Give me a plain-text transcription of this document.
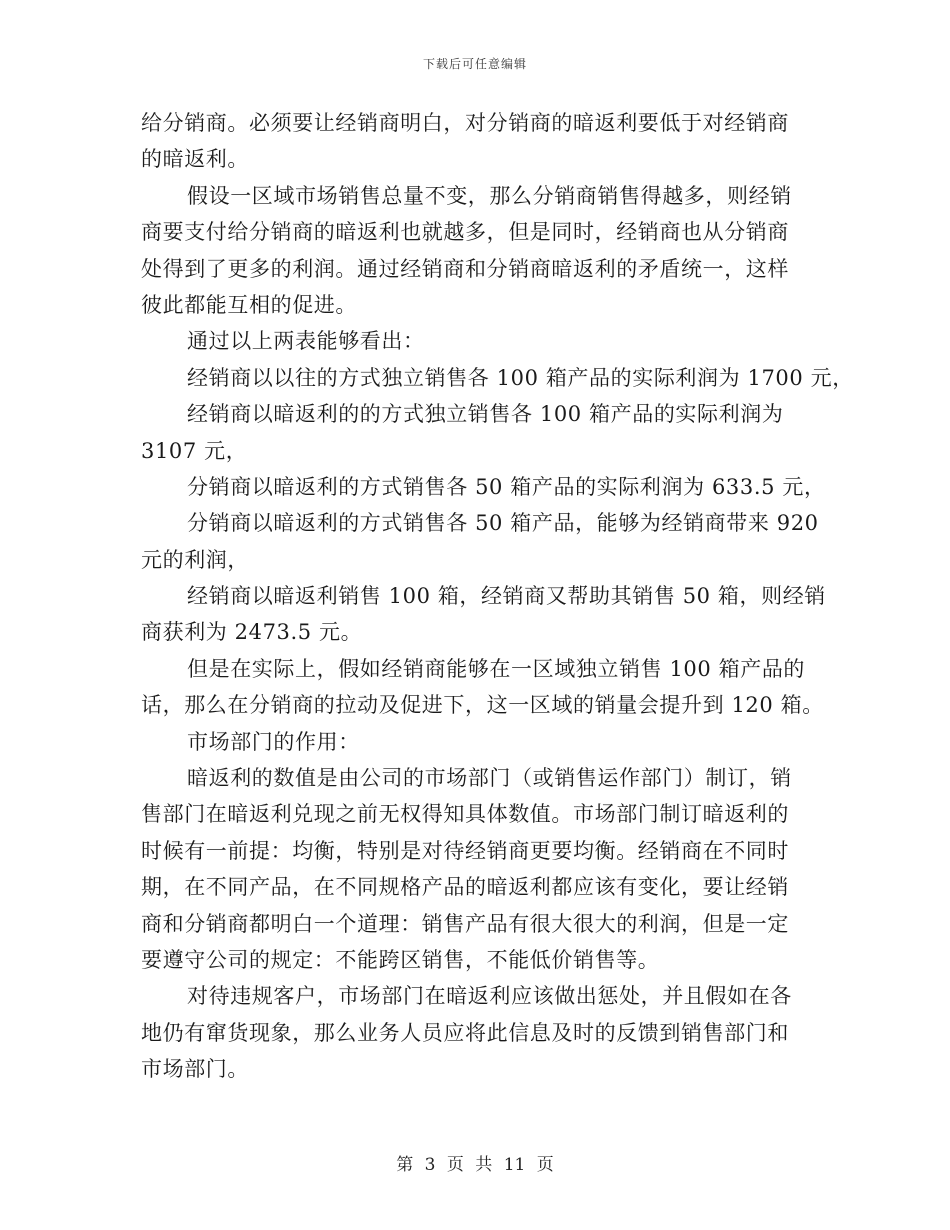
下载后可任意编辑
给分销商。必须要让经销商明白，对分销商的暗返利要低于对经销商
的暗返利。
假设一区域市场销售总量不变，那么分销商销售得越多，则经销
商要支付给分销商的暗返利也就越多，但是同时，经销商也从分销商
处得到了更多的利润。通过经销商和分销商暗返利的矛盾统一，这样
彼此都能互相的促进。
通过以上两表能够看出：
经销商以以往的方式独立销售各 100 箱产品的实际利润为 1700 元，
经销商以暗返利的的方式独立销售各 100 箱产品的实际利润为
3107 元，
分销商以暗返利的方式销售各 50 箱产品的实际利润为 633.5 元，
分销商以暗返利的方式销售各 50 箱产品，能够为经销商带来 920
元的利润，
经销商以暗返利销售 100 箱，经销商又帮助其销售 50 箱，则经销
商获利为 2473.5 元。
但是在实际上，假如经销商能够在一区域独立销售 100 箱产品的
话，那么在分销商的拉动及促进下，这一区域的销量会提升到 120 箱。
市场部门的作用：
暗返利的数值是由公司的市场部门（或销售运作部门）制订，销
售部门在暗返利兑现之前无权得知具体数值。市场部门制订暗返利的
时候有一前提：均衡，特别是对待经销商更要均衡。经销商在不同时
期，在不同产品，在不同规格产品的暗返利都应该有变化，要让经销
商和分销商都明白一个道理：销售产品有很大很大的利润，但是一定
要遵守公司的规定：不能跨区销售，不能低价销售等。
对待违规客户，市场部门在暗返利应该做出惩处，并且假如在各
地仍有窜货现象，那么业务人员应将此信息及时的反馈到销售部门和
市场部门。
第 3 页 共 11 页
